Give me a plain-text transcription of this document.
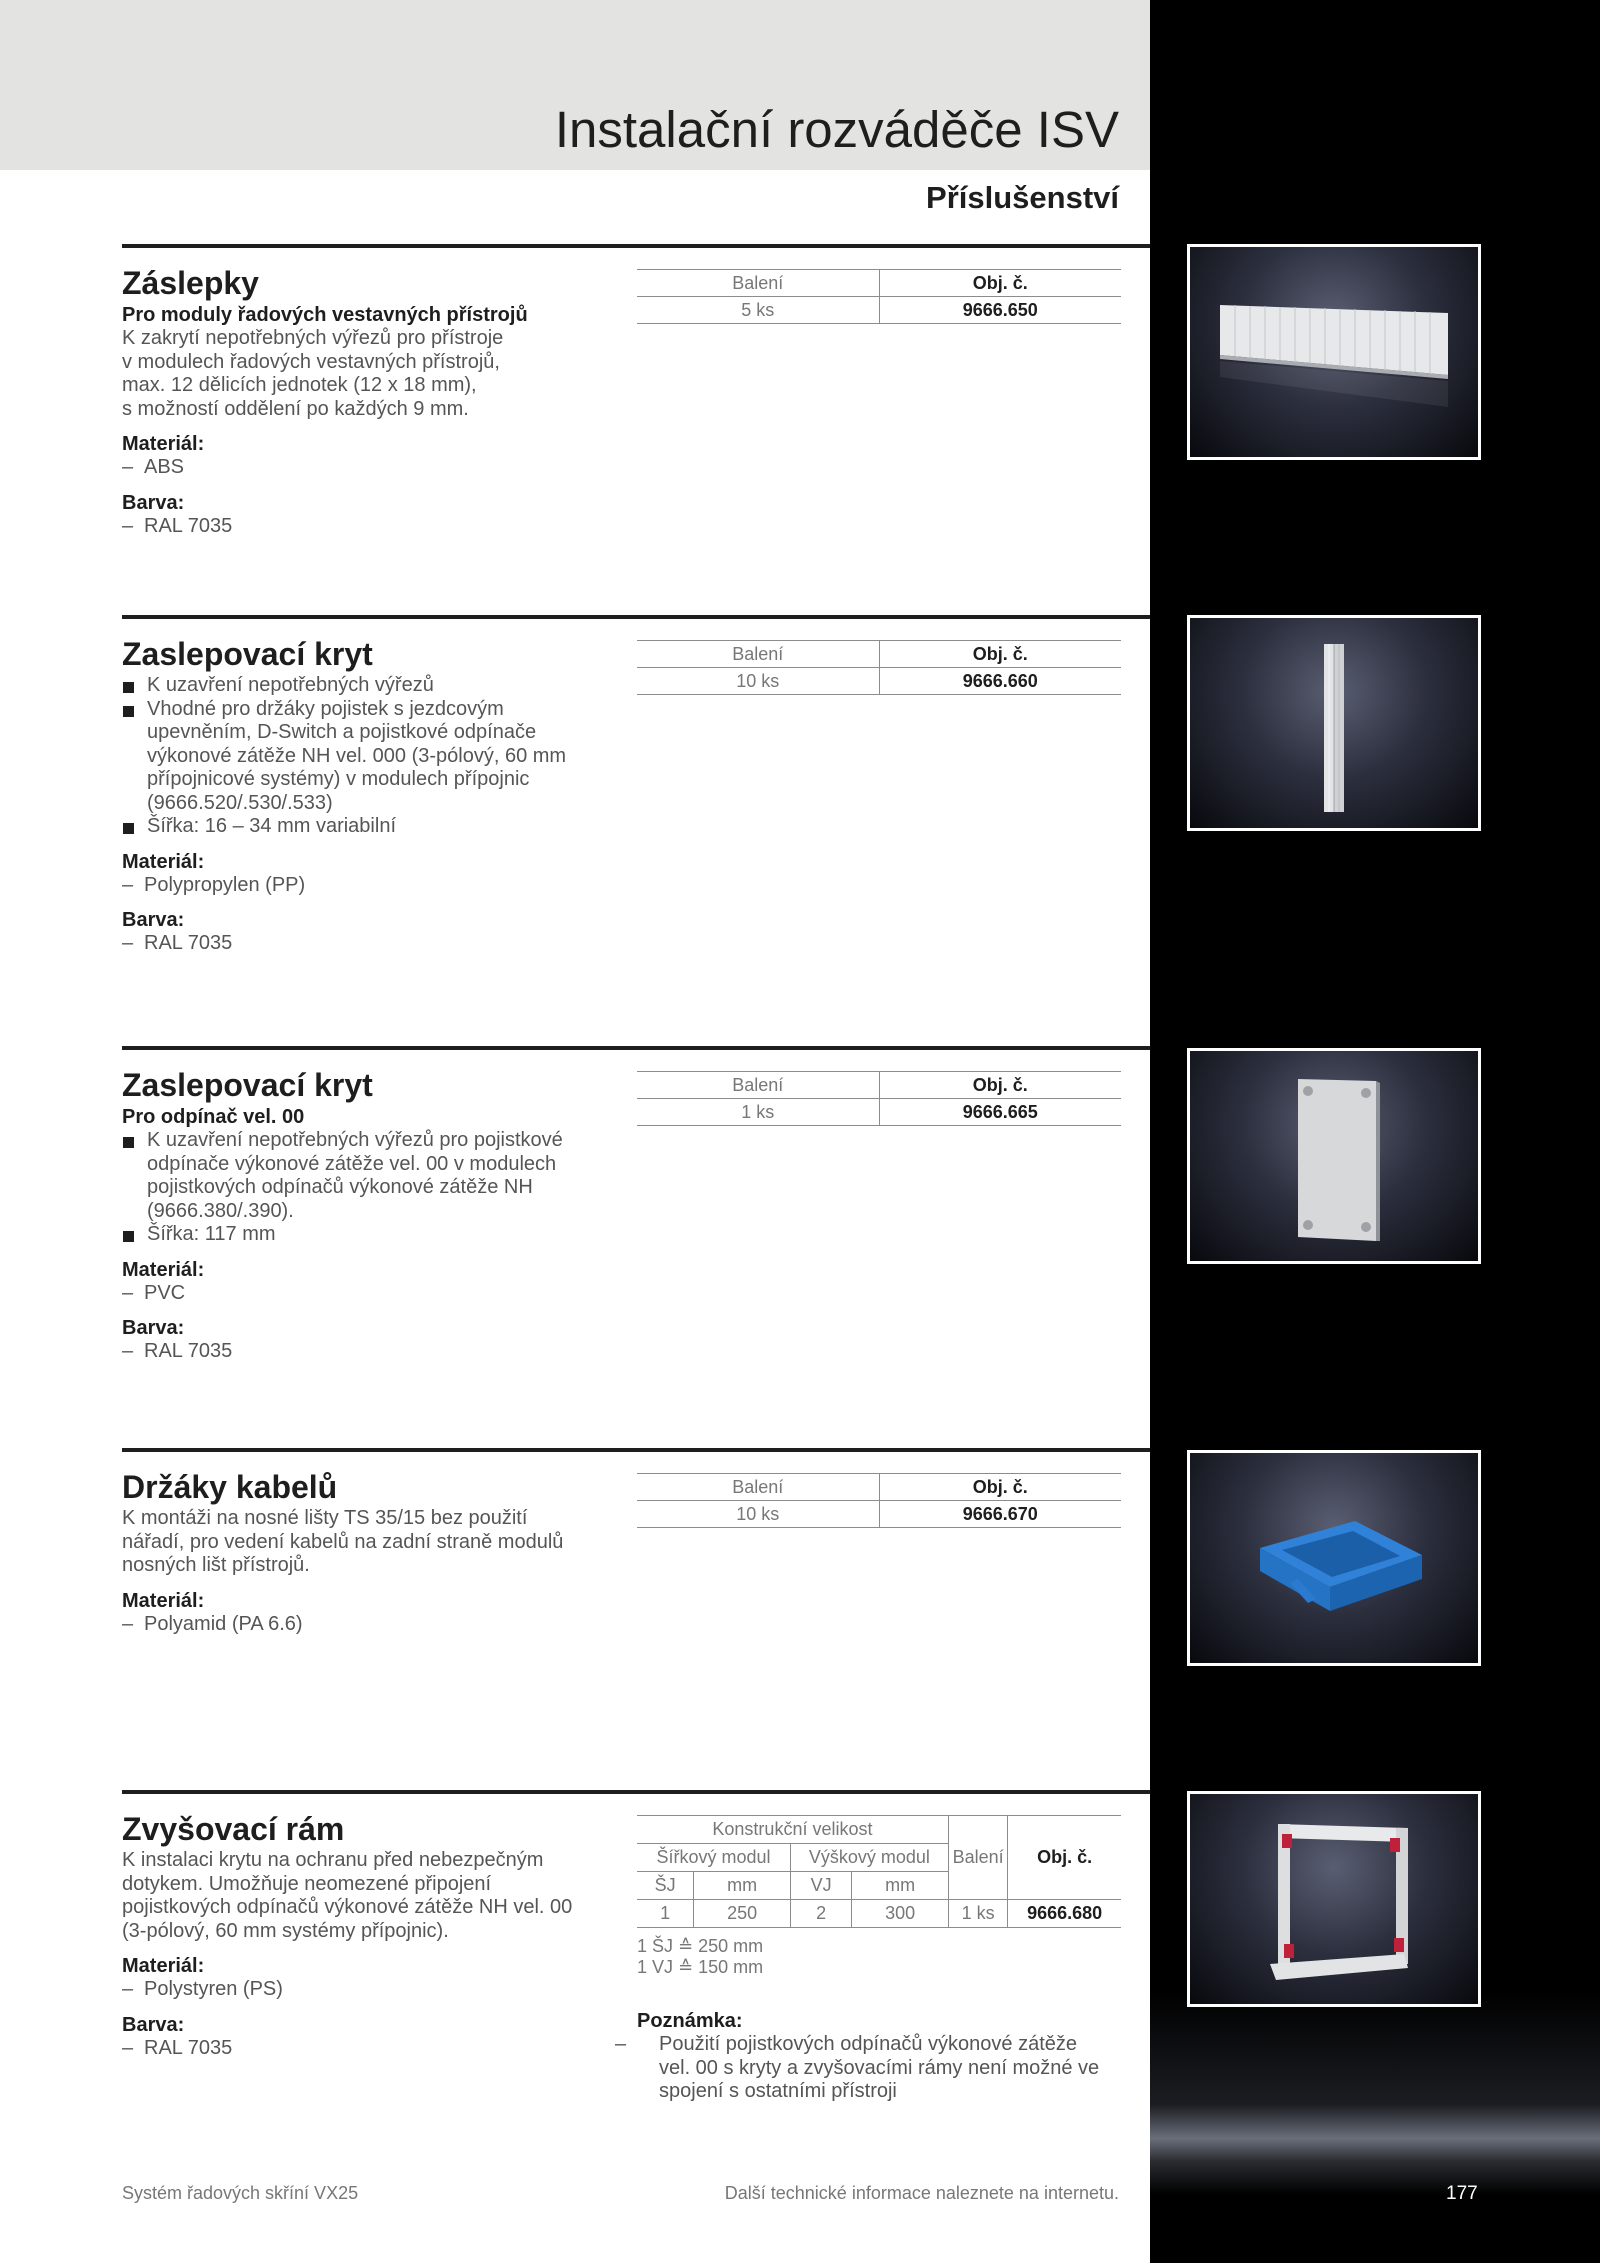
Instalační rozváděče ISV
Příslušenství
Záslepky
Pro moduly řadových vestavných přístrojů
K zakrytí nepotřebných výřezů pro přístroje
v modulech řadových vestavných přístrojů,
max. 12 dělicích jednotek (12 x 18 mm),
s možností oddělení po každých 9 mm.
Materiál:
– ABS
Barva:
– RAL 7035
Balení	Obj. č.
5 ks	9666.650
Zaslepovací kryt
K uzavření nepotřebných výřezů
Vhodné pro držáky pojistek s jezdcovým
upevněním, D-Switch a pojistkové odpínače
výkonové zátěže NH vel. 000 (3-pólový, 60 mm
přípojnicové systémy) v modulech přípojnic
(9666.520/.530/.533)
Šířka: 16 – 34 mm variabilní
Materiál:
– Polypropylen (PP)
Barva:
– RAL 7035
Balení	Obj. č.
10 ks	9666.660
Zaslepovací kryt
Pro odpínač vel. 00
K uzavření nepotřebných výřezů pro pojistkové
odpínače výkonové zátěže vel. 00 v modulech
pojistkových odpínačů výkonové zátěže NH
(9666.380/.390).
Šířka: 117 mm
Materiál:
– PVC
Barva:
– RAL 7035
Balení	Obj. č.
1 ks	9666.665
Držáky kabelů
K montáži na nosné lišty TS 35/15 bez použití
nářadí, pro vedení kabelů na zadní straně modulů
nosných lišt přístrojů.
Materiál:
– Polyamid (PA 6.6)
Balení	Obj. č.
10 ks	9666.670
Zvyšovací rám
K instalaci krytu na ochranu před nebezpečným
dotykem. Umožňuje neomezené připojení
pojistkových odpínačů výkonové zátěže NH vel. 00
(3-pólový, 60 mm systémy přípojnic).
Materiál:
– Polystyren (PS)
Barva:
– RAL 7035
Konstrukční velikost				Balení	Obj. č.
Šířkový modul		Výškový modul			
ŠJ	mm	VJ	mm		
1	250	2	300	1 ks	9666.680
1 ŠJ ≙ 250 mm
1 VJ ≙ 150 mm
Poznámka:
– Použití pojistkových odpínačů výkonové zátěže
vel. 00 s kryty a zvyšovacími rámy není možné ve
spojení s ostatními přístroji
Systém řadových skříní VX25	Další technické informace naleznete na internetu.	177
